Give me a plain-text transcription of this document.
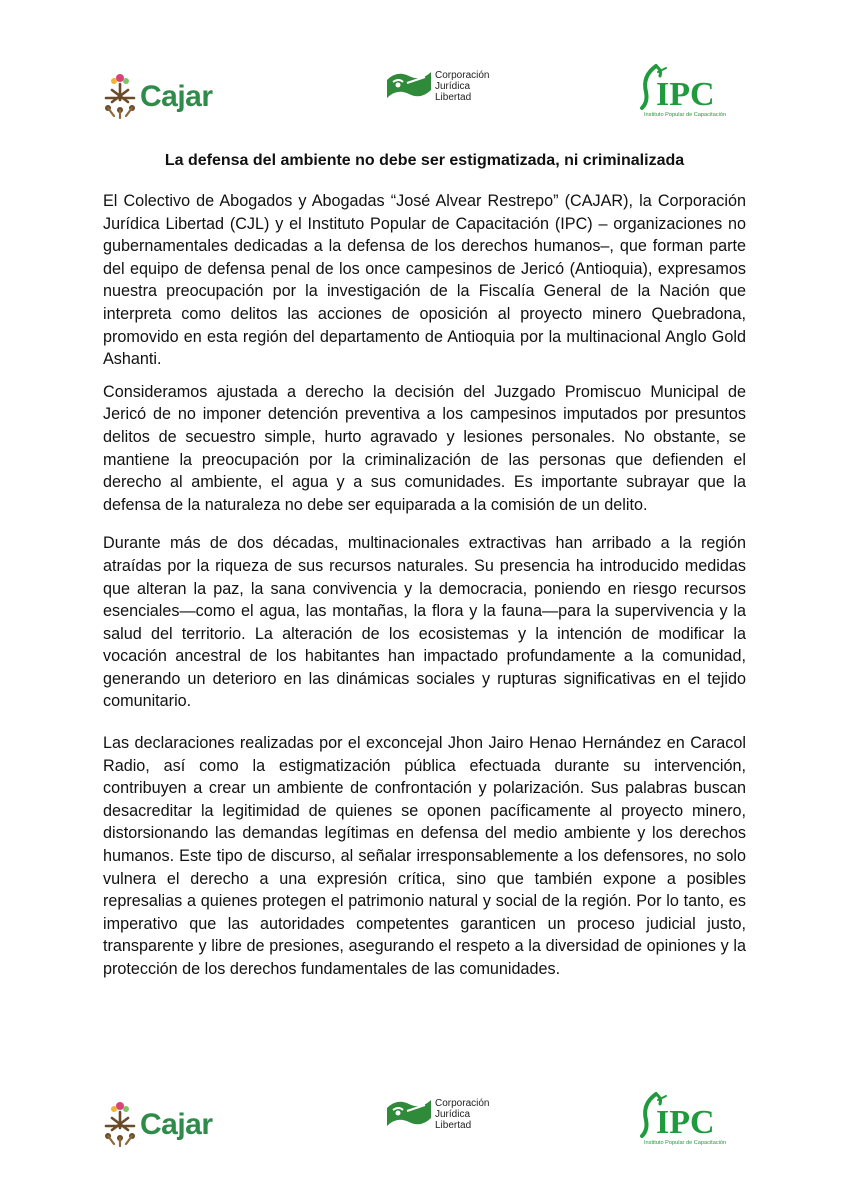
Cajar
Corporación
Jurídica
Libertad	IPC
Instituto Popular de Capacitación
La defensa del ambiente no debe ser estigmatizada, ni criminalizada

El Colectivo de Abogados y Abogadas “José Alvear Restrepo” (CAJAR), la Corporación Jurídica Libertad (CJL) y el Instituto Popular de Capacitación (IPC) – organizaciones no gubernamentales dedicadas a la defensa de los derechos humanos–, que forman parte del equipo de defensa penal de los once campesinos de Jericó (Antioquia), expresamos nuestra preocupación por la investigación de la Fiscalía General de la Nación que interpreta como delitos las acciones de oposición al proyecto minero Quebradona, promovido en esta región del departamento de Antioquia por la multinacional Anglo Gold Ashanti.

Consideramos ajustada a derecho la decisión del Juzgado Promiscuo Municipal de Jericó de no imponer detención preventiva a los campesinos imputados por presuntos delitos de secuestro simple, hurto agravado y lesiones personales. No obstante, se mantiene la preocupación por la criminalización de las personas que defienden el derecho al ambiente, el agua y a sus comunidades. Es importante subrayar que la defensa de la naturaleza no debe ser equiparada a la comisión de un delito.

Durante más de dos décadas, multinacionales extractivas han arribado a la región atraídas por la riqueza de sus recursos naturales. Su presencia ha introducido medidas que alteran la paz, la sana convivencia y la democracia, poniendo en riesgo recursos esenciales—como el agua, las montañas, la flora y la fauna—para la supervivencia y la salud del territorio. La alteración de los ecosistemas y la intención de modificar la vocación ancestral de los habitantes han impactado profundamente a la comunidad, generando un deterioro en las dinámicas sociales y rupturas significativas en el tejido comunitario.

Las declaraciones realizadas por el exconcejal Jhon Jairo Henao Hernández en Caracol Radio, así como la estigmatización pública efectuada durante su intervención, contribuyen a crear un ambiente de confrontación y polarización. Sus palabras buscan desacreditar la legitimidad de quienes se oponen pacíficamente al proyecto minero, distorsionando las demandas legítimas en defensa del medio ambiente y los derechos humanos. Este tipo de discurso, al señalar irresponsablemente a los defensores, no solo vulnera el derecho a una expresión crítica, sino que también expone a posibles represalias a quienes protegen el patrimonio natural y social de la región. Por lo tanto, es imperativo que las autoridades competentes garanticen un proceso judicial justo, transparente y libre de presiones, asegurando el respeto a la diversidad de opiniones y la protección de los derechos fundamentales de las comunidades.

Cajar
Corporación
Jurídica
Libertad	IPC
Instituto Popular de Capacitación
